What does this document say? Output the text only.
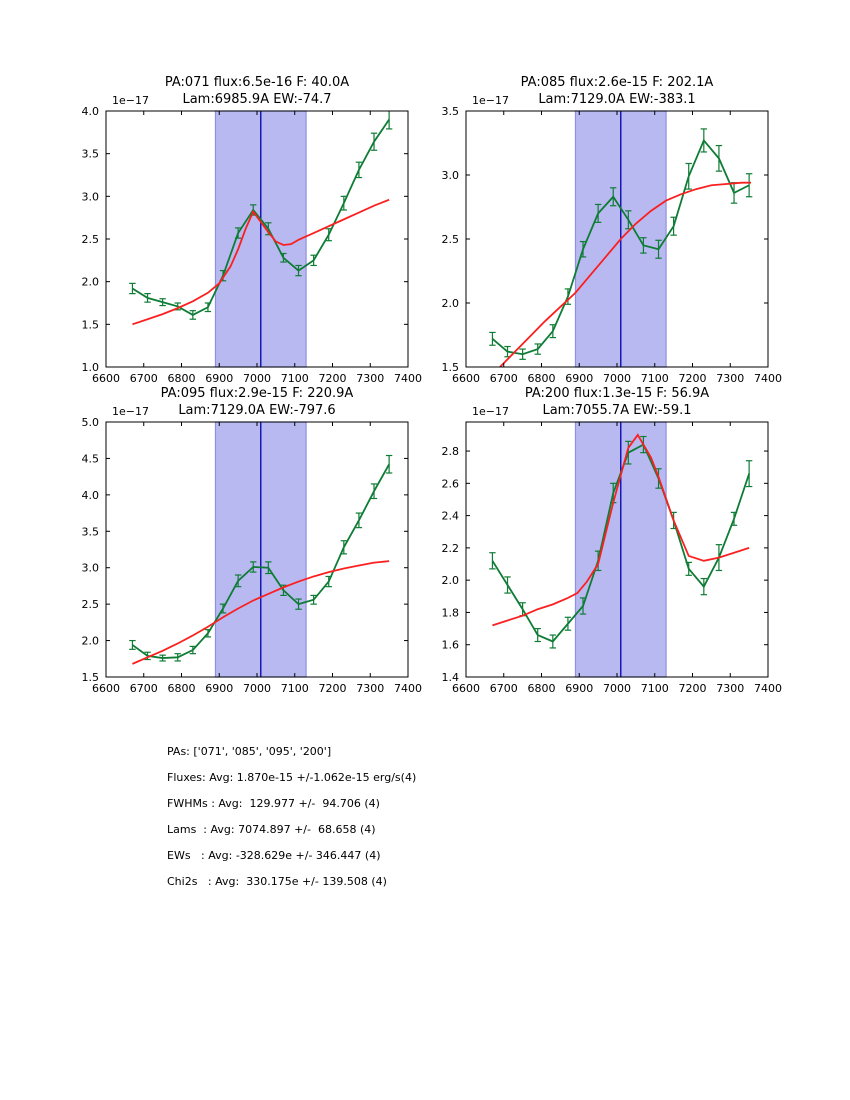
6600 6700 6800 6900 7000 7100 7200 7300 7400
1.0
1.5
2.0
2.5
3.0
3.5
4.0
1e−17
6600 6700 6800 6900 7000 7100 7200 7300 7400
1.5
2.0
2.5
3.0
3.5
1e−17
6600 6700 6800 6900 7000 7100 7200 7300 7400
1.5
2.0
2.5
3.0
3.5
4.0
4.5
5.0
1e−17
6600 6700 6800 6900 7000 7100 7200 7300 7400
1.4
1.6
1.8
2.0
2.2
2.4
2.6
2.8
1e−17
PA:071 flux:6.5e-16 F: 40.0A
Lam:6985.9A EW:-74.7
PA:085 flux:2.6e-15 F: 202.1A
Lam:7129.0A EW:-383.1
PA:095 flux:2.9e-15 F: 220.9A
Lam:7129.0A EW:-797.6
PA:200 flux:1.3e-15 F: 56.9A
Lam:7055.7A EW:-59.1
PAs: ['071', '085', '095', '200']
Fluxes: Avg: 1.870e-15 +/-1.062e-15 erg/s(4)
FWHMs : Avg:  129.977 +/-  94.706 (4)
Lams  : Avg: 7074.897 +/-  68.658 (4)
EWs   : Avg: -328.629e +/- 346.447 (4)
Chi2s   : Avg:  330.175e +/- 139.508 (4)
